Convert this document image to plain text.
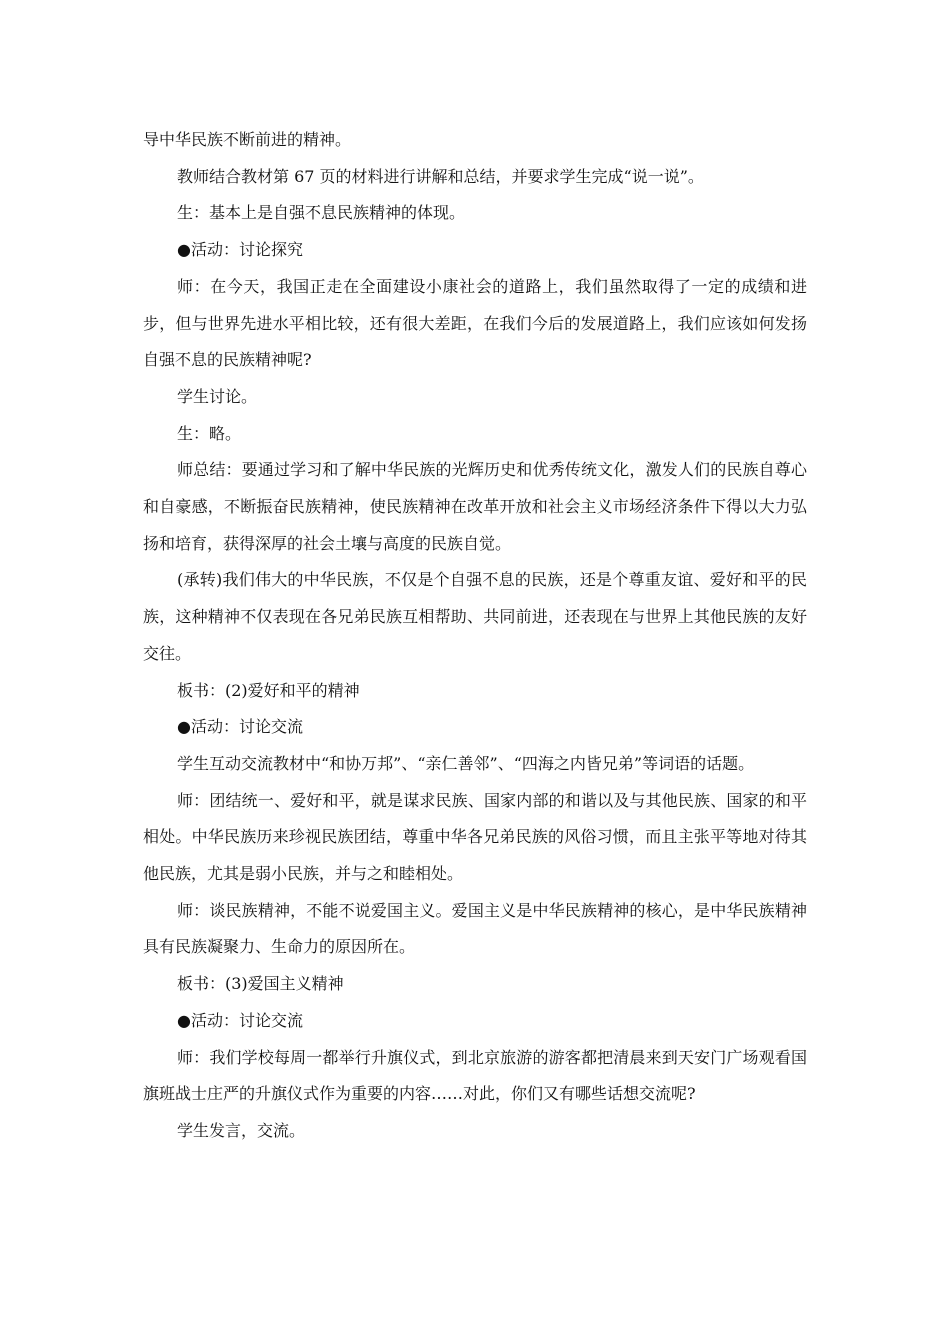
导中华民族不断前进的精神。

教师结合教材第 67 页的材料进行讲解和总结，并要求学生完成“说一说”。

生：基本上是自强不息民族精神的体现。

●活动：讨论探究

师：在今天，我国正走在全面建设小康社会的道路上，我们虽然取得了一定的成绩和进步，但与世界先进水平相比较，还有很大差距，在我们今后的发展道路上，我们应该如何发扬自强不息的民族精神呢?

学生讨论。

生：略。

师总结：要通过学习和了解中华民族的光辉历史和优秀传统文化，激发人们的民族自尊心和自豪感，不断振奋民族精神，使民族精神在改革开放和社会主义市场经济条件下得以大力弘扬和培育，获得深厚的社会土壤与高度的民族自觉。

(承转)我们伟大的中华民族，不仅是个自强不息的民族，还是个尊重友谊、爱好和平的民族，这种精神不仅表现在各兄弟民族互相帮助、共同前进，还表现在与世界上其他民族的友好交往。

板书：(2)爱好和平的精神

●活动：讨论交流

学生互动交流教材中“和协万邦”、“亲仁善邻”、“四海之内皆兄弟”等词语的话题。

师：团结统一、爱好和平，就是谋求民族、国家内部的和谐以及与其他民族、国家的和平相处。中华民族历来珍视民族团结，尊重中华各兄弟民族的风俗习惯，而且主张平等地对待其他民族，尤其是弱小民族，并与之和睦相处。

师：谈民族精神，不能不说爱国主义。爱国主义是中华民族精神的核心，是中华民族精神具有民族凝聚力、生命力的原因所在。

板书：(3)爱国主义精神

●活动：讨论交流

师：我们学校每周一都举行升旗仪式，到北京旅游的游客都把清晨来到天安门广场观看国旗班战士庄严的升旗仪式作为重要的内容……对此，你们又有哪些话想交流呢?

学生发言，交流。
